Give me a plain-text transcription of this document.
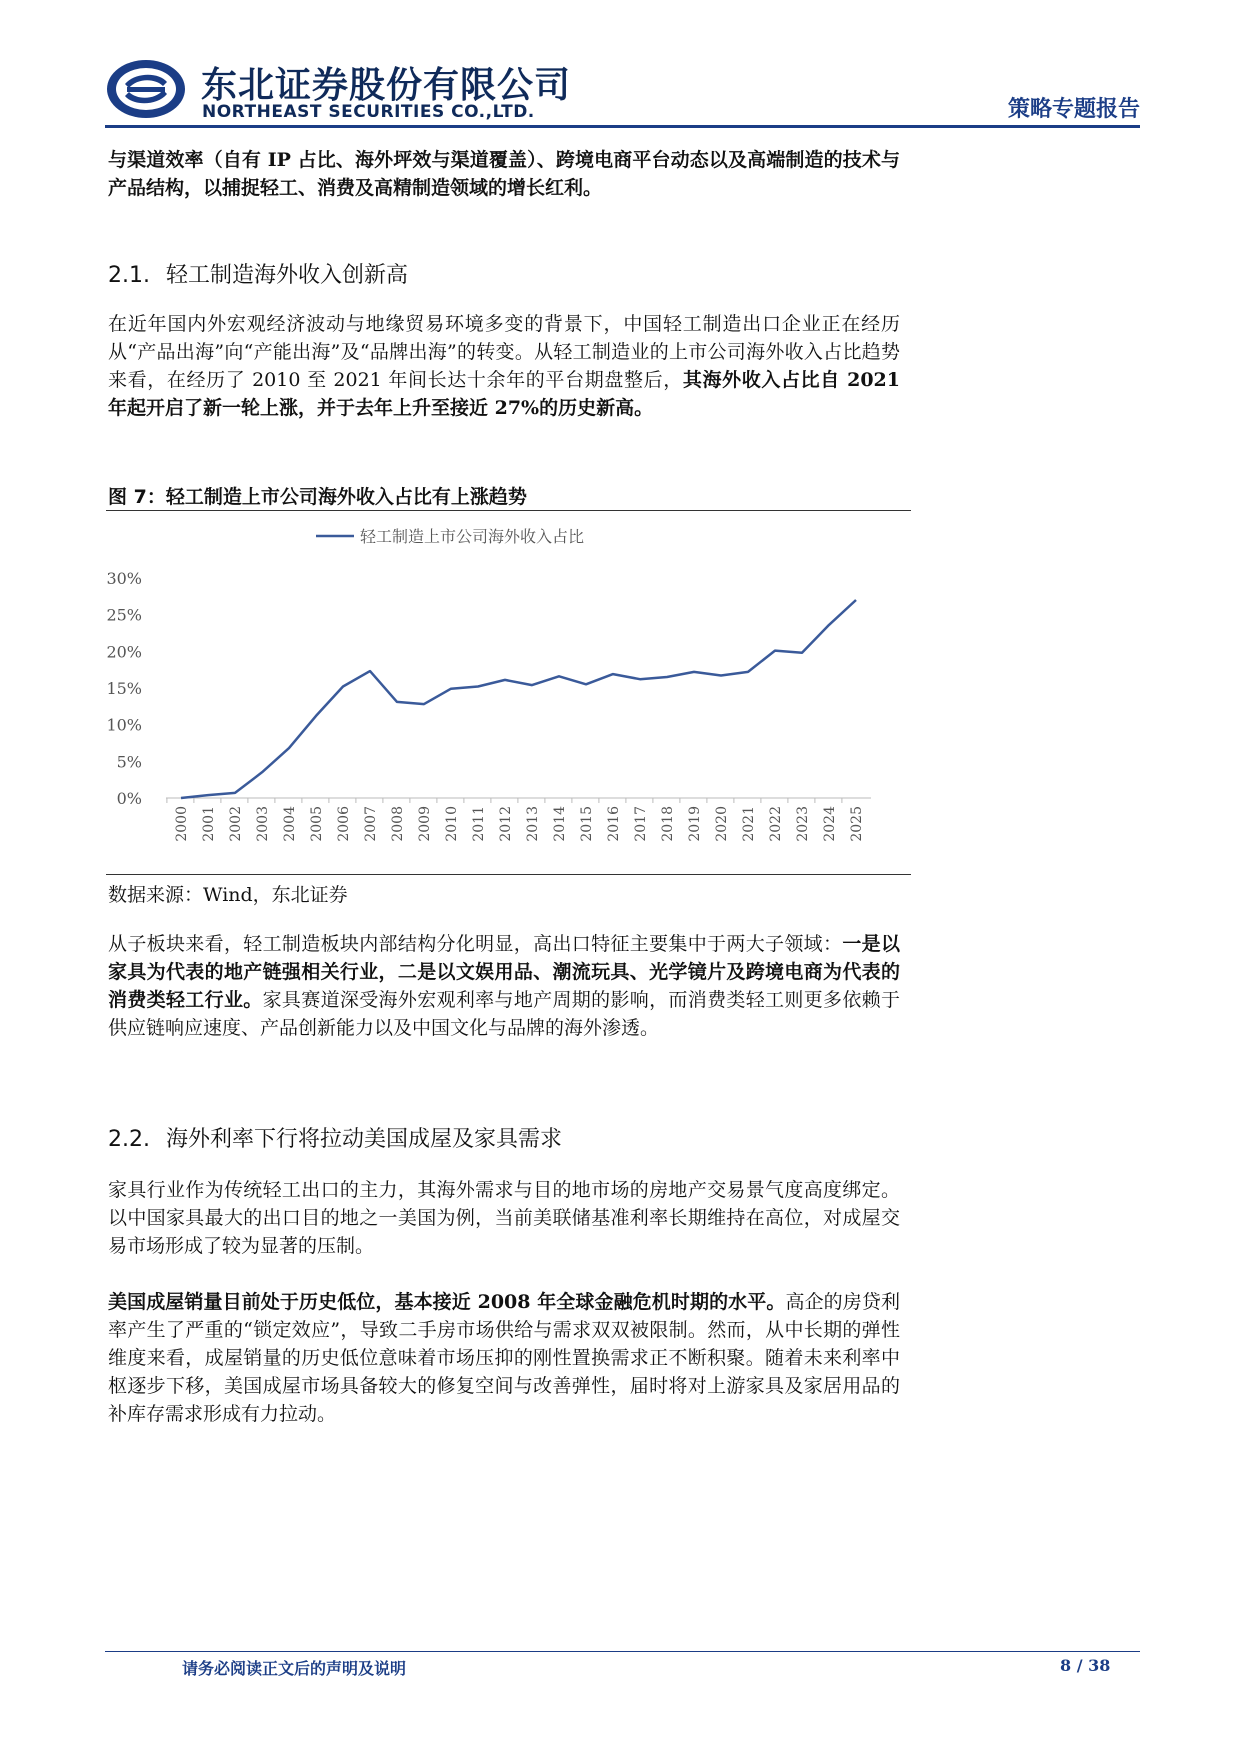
东北证券股份有限公司
NORTHEAST SECURITIES CO.,LTD.	策略专题报告
与渠道效率（自有 IP 占比、海外坪效与渠道覆盖）、跨境电商平台动态以及高端制造的技术与产品结构，以捕捉轻工、消费及高精制造领域的增长红利。
2.1. 轻工制造海外收入创新高
在近年国内外宏观经济波动与地缘贸易环境多变的背景下，中国轻工制造出口企业正在经历从“产品出海”向“产能出海”及“品牌出海”的转变。从轻工制造业的上市公司海外收入占比趋势来看，在经历了 2010 至 2021 年间长达十余年的平台期盘整后，其海外收入占比自 2021 年起开启了新一轮上涨，并于去年上升至接近 27%的历史新高。
图 7：轻工制造上市公司海外收入占比有上涨趋势
轻工制造上市公司海外收入占比
0%
5%
10%
15%
20%
25%
30%
2000 2001 2002 2003 2004 2005 2006 2007 2008 2009 2010 2011 2012 2013 2014 2015 2016 2017 2018 2019 2020 2021 2022 2023 2024 2025
数据来源：Wind，东北证券
从子板块来看，轻工制造板块内部结构分化明显，高出口特征主要集中于两大子领域：一是以家具为代表的地产链强相关行业，二是以文娱用品、潮流玩具、光学镜片及跨境电商为代表的消费类轻工行业。家具赛道深受海外宏观利率与地产周期的影响，而消费类轻工则更多依赖于供应链响应速度、产品创新能力以及中国文化与品牌的海外渗透。
2.2. 海外利率下行将拉动美国成屋及家具需求
家具行业作为传统轻工出口的主力，其海外需求与目的地市场的房地产交易景气度高度绑定。以中国家具最大的出口目的地之一美国为例，当前美联储基准利率长期维持在高位，对成屋交易市场形成了较为显著的压制。
美国成屋销量目前处于历史低位，基本接近 2008 年全球金融危机时期的水平。高企的房贷利率产生了严重的“锁定效应”，导致二手房市场供给与需求双双被限制。然而，从中长期的弹性维度来看，成屋销量的历史低位意味着市场压抑的刚性置换需求正不断积聚。随着未来利率中枢逐步下移，美国成屋市场具备较大的修复空间与改善弹性，届时将对上游家具及家居用品的补库存需求形成有力拉动。
请务必阅读正文后的声明及说明	8 / 38
